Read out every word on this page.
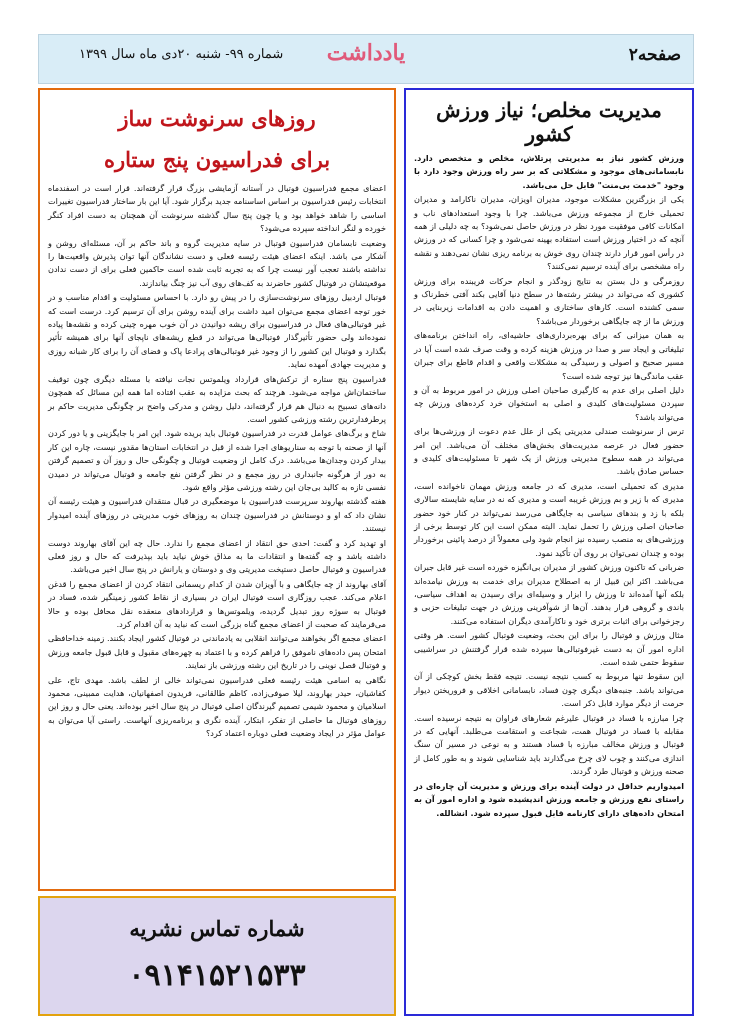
صفحه۲
یادداشت
شماره ۹۹- شنبه ۲۰دی ماه سال ۱۳۹۹
مدیریت مخلص؛ نیاز ورزش کشور

ورزش کشور نیاز به مدیریتی پرتلاش، مخلص و متخصص دارد. نابسامانی‌های موجود و مشکلاتی که بر سر راه ورزش وجود دارد با وجود "خدمت بی‌منت" قابل حل می‌باشد.

یکی از بزرگترین مشکلات موجود، مدیران اویزان، مدیران ناکارامد و مدیران تحمیلی خارج از مجموعه ورزش می‌باشد. چرا با وجود استعدادهای ناب و امکانات کافی موفقیت مورد نظر در ورزش حاصل نمی‌شود؟ به چه دلیلی از همه آنچه که در اختیار ورزش است استفاده بهینه نمی‌شود و چرا کسانی که در ورزش در رأس امور قرار دارند چندان روی خوش به برنامه ریزی نشان نمی‌دهند و نقشه راه مشخصی برای آینده ترسیم نمی‌کنند؟

روزمرگی و دل بستن به نتایج زودگذر و انجام حرکات فریبنده برای ورزش کشوری که می‌تواند در بیشتر رشته‌ها در سطح دنیا آقایی بکند آفتی خطرناک و سمی کشنده است. کارهای ساختاری و اهمیت دادن به اقدامات زیربنایی در ورزش ما از چه جایگاهی برخوردار می‌باشد؟

به همان میزانی که برای بهره‌برداری‌های حاشیه‌ای، راه انداختن برنامه‌های تبلیغاتی و ایجاد سر و صدا در ورزش هزینه کرده و وقت صرف شده است آیا در مسیر صحیح و اصولی و رسیدگی به مشکلات واقعی و اقدام قاطع برای جبران عقب ماندگی‌ها نیز توجه شده است؟

دلیل اصلی برای عدم به کارگیری صاحبان اصلی ورزش در امور مربوط به آن و سپردن مسئولیت‌های کلیدی و اصلی به استخوان خرد کرده‌های ورزش چه می‌تواند باشد؟

ترس از سرنوشت صندلی مدیریتی یکی از علل عدم دعوت از ورزشی‌ها برای حضور فعال در عرصه مدیریت‌های بخش‌های مختلف آن می‌باشد. این امر می‌تواند در همه سطوح مدیریتی ورزش از یک شهر تا مسئولیت‌های کلیدی و حساس صادق باشد.

مدیری که تحمیلی است، مدیری که در جامعه ورزش مهمان ناخوانده است، مدیری که با زیر و بم ورزش غریبه است و مدیری که نه در سایه شایسته سالاری بلکه با زد و بندهای سیاسی به جایگاهی می‌رسد نمی‌تواند در کنار خود حضور صاحبان اصلی ورزش را تحمل نماید. البته ممکن است این کار توسط برخی از ورزشی‌های به منصب رسیده نیز انجام شود ولی معمولاً از درصد پائینی برخوردار بوده و چندان نمی‌توان بر روی آن تأکید نمود.

ضربانی که تاکنون ورزش کشور از مدیران بی‌انگیزه خورده است غیر قابل جبران می‌باشد. اکثر این قبیل از به اصطلاح مدیران برای خدمت به ورزش نیامده‌اند بلکه آنها آمده‌اند تا ورزش را ابزار و وسیله‌ای برای رسیدن به اهداف سیاسی، باندی و گروهی قرار بدهند. آن‌ها از شوآفرینی ورزش در جهت تبلیغات حزبی و رجزخوانی برای اثبات برتری خود و ناکارآمدی دیگران استفاده می‌کنند.

مثال ورزش و فوتبال را برای این بحث، وضعیت فوتبال کشور است. هر وقتی اداره امور آن به دست غیرفوتبالی‌ها سپرده شده قرار گرفتنش در سراشیبی سقوط حتمی شده است.

این سقوط تنها مربوط به کسب نتیجه نیست. نتیجه فقط بخش کوچکی از آن می‌تواند باشد. جنبه‌های دیگری چون فساد، نابسامانی اخلاقی و فروریختن دیوار حرمت از دیگر موارد قابل ذکر است.

چرا مبارزه با فساد در فوتبال علیرغم شعارهای فراوان به نتیجه نرسیده است. مقابله با فساد در فوتبال همت، شجاعت و استقامت می‌طلبد. آنهایی که در فوتبال و ورزش مخالف مبارزه با فساد هستند و به نوعی در مسیر آن سنگ اندازی می‌کنند و چوب لای چرخ می‌گذارند باید شناسایی شوند و به طور کامل از صحنه ورزش و فوتبال طرد گردند.

امیدواریم حداقل در دولت آینده برای ورزش و مدیریت آن چاره‌ای در راستای نفع ورزش و جامعه ورزش اندیشیده شود و اداره امور آن به امتحان داده‌های دارای کارنامه قابل قبول سپرده شود. انشالله.

روزهای سرنوشت ساز
برای فدراسیون پنج ستاره

اعضای مجمع فدراسیون فوتبال در آستانه آزمایشی بزرگ قرار گرفته‌اند. قرار است در اسفندماه انتخابات رئیس فدراسیون بر اساس اساسنامه جدید برگزار شود. آیا این بار ساختار فدراسیون تغییرات اساسی را شاهد خواهد بود و یا چون پنج سال گذشته سرنوشت آن همچنان به دست افراد کنگر خورده و لنگر انداخته سپرده می‌شود؟

وضعیت نابسامان فدراسیون فوتبال در سایه مدیریت گروه و باند حاکم بر آن، مسئله‌ای روشن و آشکار می باشد. اینکه اعضای هیئت رئیسه فعلی و دست نشاندگان آنها توان پذیرش واقعیت‌ها را نداشته باشند تعجب آور نیست چرا که به تجربه ثابت شده است حاکمین فعلی برای از دست ندادن موقعیتشان در فوتبال کشور حاضرند به کف‌های روی آب نیز چنگ بیاندازند.

فوتبال اردبیل روزهای سرنوشت‌سازی را در پیش رو دارد. با احساس مسئولیت و اقدام مناسب و در خور توجه اعضای مجمع می‌توان امید داشت برای آینده روشن برای آن ترسیم کرد. درست است که غیر فوتبالی‌های فعال در فدراسیون برای ریشه دوانیدن در آن خوب مهره چینی کرده و نقشه‌ها پیاده نموده‌اند ولی حضور تأثیرگذار فوتبالی‌ها می‌تواند در قطع ریشه‌های ناپجای آنها برای همیشه تأثیر بگذارد و فوتبال این کشور را از وجود غیر فوتبالی‌های پرادعا پاک و فضای آن را برای کار شبانه روزی و مدیریت جهادی آمهده نماید.

فدراسیون پنج ستاره از ترکش‌های قرارداد ویلموتس نجات نیافته با مسئله دیگری چون توقیف ساختمان‌اش مواجه می‌شود. هرچند که بحث مزایده به عقب افتاده اما همه این مسائل که همچون دانه‌های تسبیح به دنبال هم قرار گرفته‌اند، دلیل روشن و مدرکی واضح بر چگونگی مدیریت حاکم بر پرطرفدارترین رشته ورزشی کشور است.

شاخ و برگ‌های عوامل قدرت در فدراسیون فوتبال باید بریده شود. این امر با جایگزینی و یا دور کردن آنها از صحنه با توجه به سناریوهای اجرا شده از قبل در انتخابات استان‌ها مقدور نیست، چاره این کار بیدار کردن وجدان‌ها می‌باشد. درک کامل از وضعیت فوتبال و چگونگی حال و روز آن و تصمیم گرفتن به دور از هرگونه جانبداری در روز مجمع و در نظر گرفتن نفع جامعه و فوتبال می‌تواند در دمیدن نفسی تازه به کالبد بی‌جان این رشته ورزشی مؤثر واقع شود.

هفته گذشته بهاروند سرپرست فدراسیون با موضعگیری در قبال منتقدان فدراسیون و هیئت رئیسه آن نشان داد که او و دوستانش در فدراسیون چندان به روزهای خوب مدیریتی در روزهای آینده امیدوار نیستند.

او تهدید کرد و گفت: احدی حق انتقاد از اعضای مجمع را ندارد. حال چه این آقای بهاروند دوست داشته باشد و چه گفته‌ها و انتقادات ما به مذاق خوش نیاید باید بپذیرفت که حال و روز فعلی فدراسیون و فوتبال حاصل دستپخت مدیریتی وی و دوستان و یارانش در پنج سال اخیر می‌باشد.

آقای بهاروند از چه جایگاهی و با آویزان شدن از کدام ریسمانی انتقاد کردن از اعضای مجمع را قدغن اعلام می‌کند. عجب روزگاری است فوتبال ایران در بسیاری از نقاط کشور زمینگیر شده، فساد در فوتبال به سوژه روز تبدیل گردیده، ویلموتس‌ها و قراردادهای منعقده نقل محافل بوده و حالا می‌فرمایند که صحبت از اعضای مجمع گناه بزرگی است که نباید به آن اقدام کرد.

اعضای مجمع اگر بخواهند می‌توانند انقلابی به یادماندنی در فوتبال کشور ایجاد بکنند. زمینه خداحافظی امتحان پس داده‌های ناموفق را فراهم کرده و با اعتماد به چهره‌های مقبول و قابل قبول جامعه ورزش و فوتبال فصل نوینی را در تاریخ این رشته ورزشی باز نمایند.

نگاهی به اسامی هیئت رئیسه فعلی فدراسیون نمی‌تواند خالی از لطف باشد. مهدی تاج، علی کفاشیان، حیدر بهاروند، لیلا صوفی‌زاده، کاظم طالقانی، فریدون اصفهانیان، هدایت ممبینی، محمود اسلامیان و محمود شیمی تصمیم گیرندگان اصلی فوتبال در پنج سال اخیر بوده‌اند. یعنی حال و روز این روزهای فوتبال ما حاصلی از تفکر، ابتکار، آینده نگری و برنامه‌ریزی آنهاست. راستی آیا می‌توان به عوامل مؤثر در ایجاد وضعیت فعلی دوباره اعتماد کرد؟

شماره تماس نشریه
۰۹۱۴۱۵۲۱۵۳۳
